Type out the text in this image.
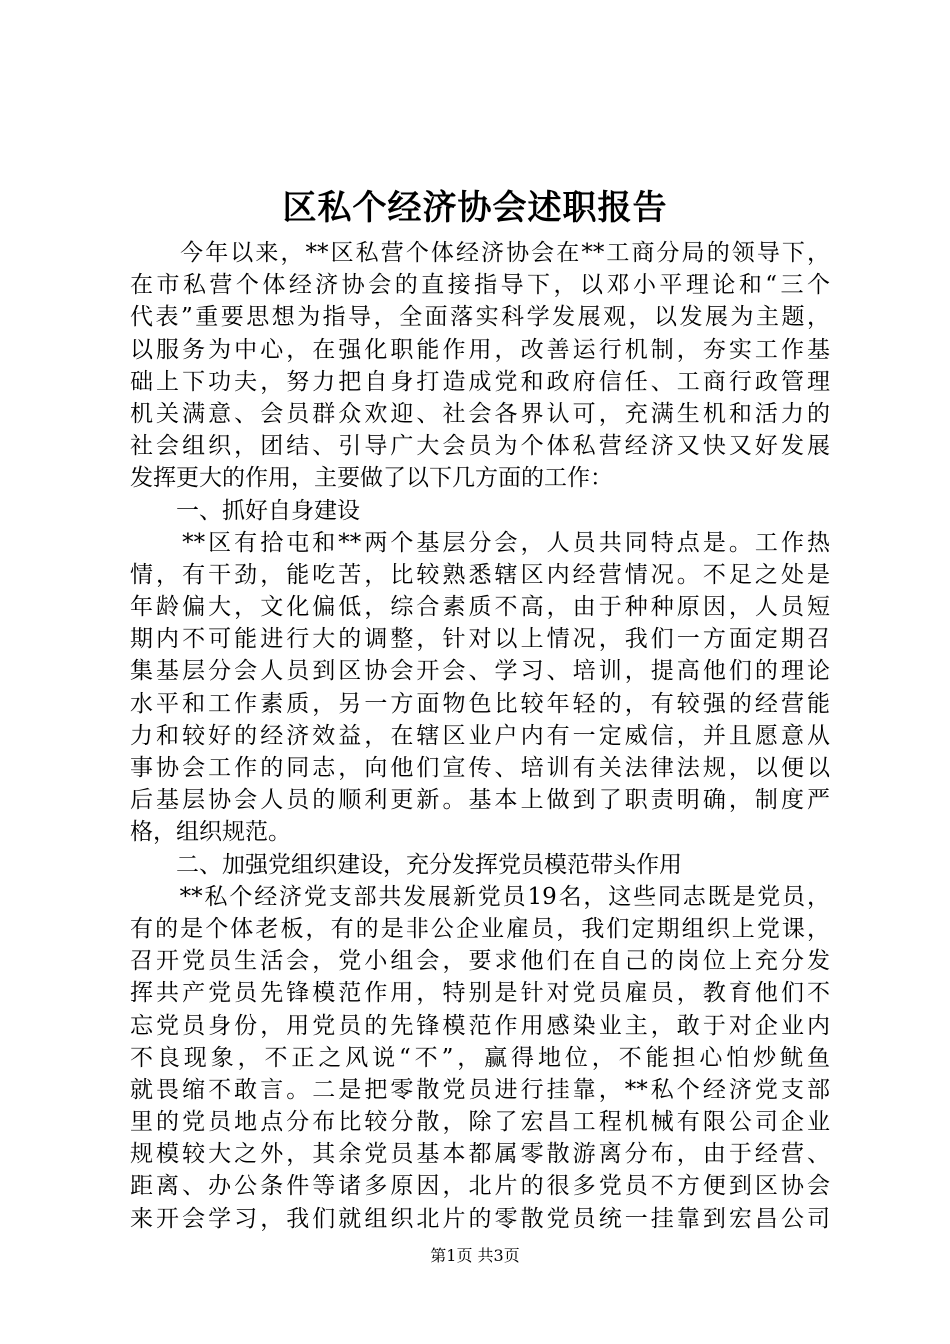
区私个经济协会述职报告
　　今年以来，**区私营个体经济协会在**工商分局的领导下，
在市私营个体经济协会的直接指导下，以邓小平理论和“三个
代表”重要思想为指导，全面落实科学发展观，以发展为主题，
以服务为中心，在强化职能作用，改善运行机制，夯实工作基
础上下功夫，努力把自身打造成党和政府信任、工商行政管理
机关满意、会员群众欢迎、社会各界认可，充满生机和活力的
社会组织，团结、引导广大会员为个体私营经济又快又好发展
发挥更大的作用，主要做了以下几方面的工作：
　　一、抓好自身建设
　　**区有拾屯和**两个基层分会，人员共同特点是。工作热
情，有干劲，能吃苦，比较熟悉辖区内经营情况。不足之处是
年龄偏大，文化偏低，综合素质不高，由于种种原因，人员短
期内不可能进行大的调整，针对以上情况，我们一方面定期召
集基层分会人员到区协会开会、学习、培训，提高他们的理论
水平和工作素质，另一方面物色比较年轻的，有较强的经营能
力和较好的经济效益，在辖区业户内有一定威信，并且愿意从
事协会工作的同志，向他们宣传、培训有关法律法规，以便以
后基层协会人员的顺利更新。基本上做到了职责明确，制度严
格，组织规范。
　　二、加强党组织建设，充分发挥党员模范带头作用
　　**私个经济党支部共发展新党员19名，这些同志既是党员，
有的是个体老板，有的是非公企业雇员，我们定期组织上党课，
召开党员生活会，党小组会，要求他们在自己的岗位上充分发
挥共产党员先锋模范作用，特别是针对党员雇员，教育他们不
忘党员身份，用党员的先锋模范作用感染业主，敢于对企业内
不良现象，不正之风说“不”，赢得地位，不能担心怕炒鱿鱼
就畏缩不敢言。二是把零散党员进行挂靠，**私个经济党支部
里的党员地点分布比较分散，除了宏昌工程机械有限公司企业
规模较大之外，其余党员基本都属零散游离分布，由于经营、
距离、办公条件等诸多原因，北片的很多党员不方便到区协会
来开会学习，我们就组织北片的零散党员统一挂靠到宏昌公司
第1页 共3页
